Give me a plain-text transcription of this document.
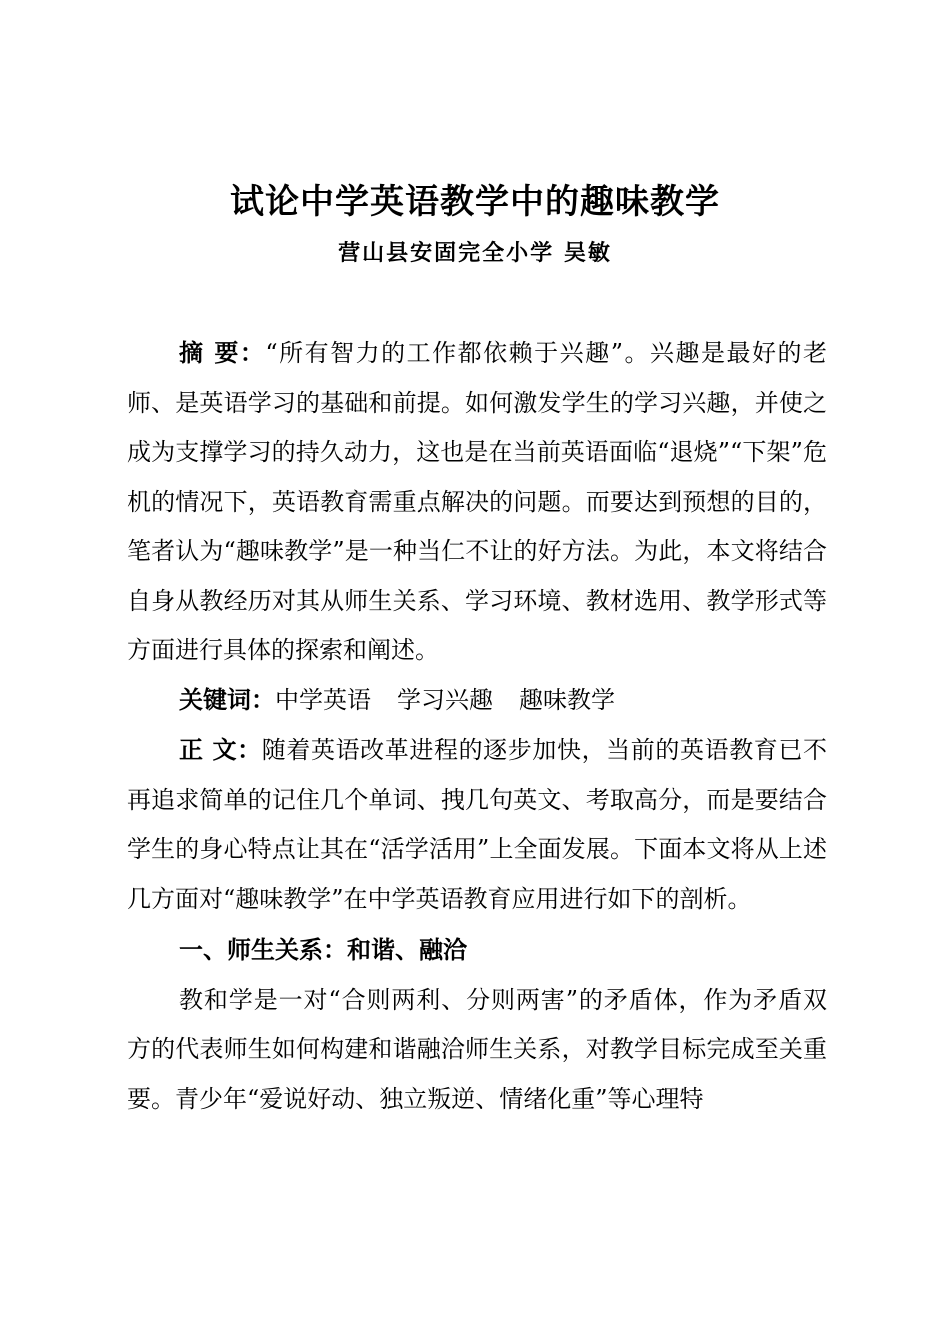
试论中学英语教学中的趣味教学
营山县安固完全小学 吴敏

摘 要：“所有智力的工作都依赖于兴趣”。兴趣是最好的老师、是英语学习的基础和前提。如何激发学生的学习兴趣，并使之成为支撑学习的持久动力，这也是在当前英语面临“退烧”“下架”危机的情况下，英语教育需重点解决的问题。而要达到预想的目的，笔者认为“趣味教学”是一种当仁不让的好方法。为此，本文将结合自身从教经历对其从师生关系、学习环境、教材选用、教学形式等方面进行具体的探索和阐述。

关键词：中学英语 学习兴趣 趣味教学

正 文：随着英语改革进程的逐步加快，当前的英语教育已不再追求简单的记住几个单词、拽几句英文、考取高分，而是要结合学生的身心特点让其在“活学活用”上全面发展。下面本文将从上述几方面对“趣味教学”在中学英语教育应用进行如下的剖析。

一、师生关系：和谐、融洽

教和学是一对“合则两利、分则两害”的矛盾体，作为矛盾双方的代表师生如何构建和谐融洽师生关系，对教学目标完成至关重要。青少年“爱说好动、独立叛逆、情绪化重”等心理特
